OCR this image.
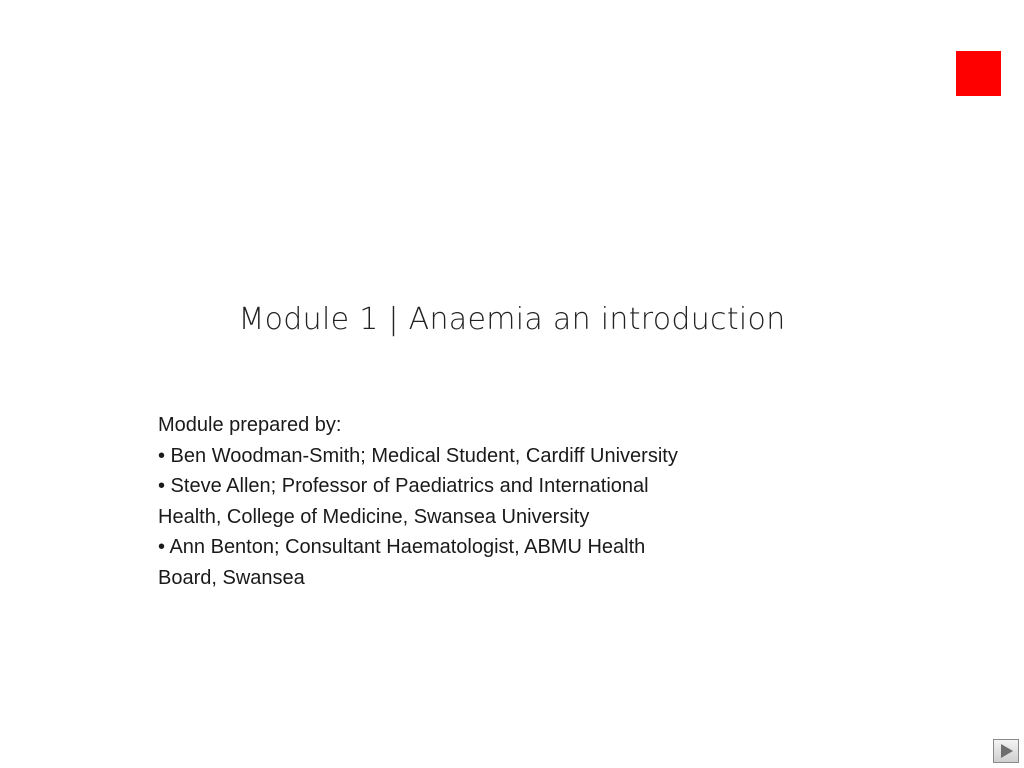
Module 1 | Anaemia an introduction
Module prepared by:
• Ben Woodman-Smith; Medical Student, Cardiff University
• Steve Allen; Professor of Paediatrics and International
Health, College of Medicine, Swansea University
• Ann Benton; Consultant Haematologist, ABMU Health
Board, Swansea
